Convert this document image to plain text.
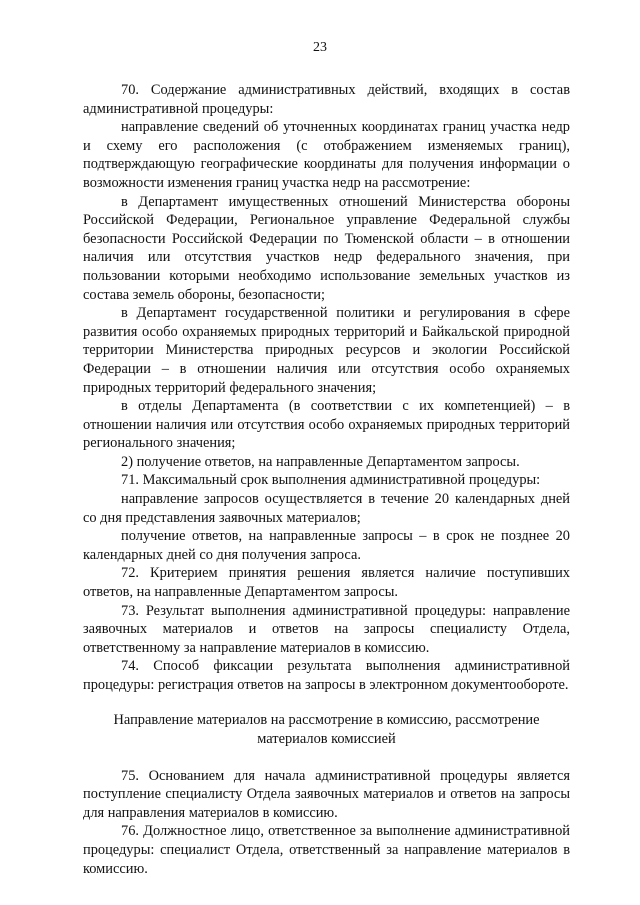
23

70. Содержание административных действий, входящих в состав административной процедуры:

направление сведений об уточненных координатах границ участка недр и схему его расположения (с отображением изменяемых границ), подтверждающую географические координаты для получения информации о возможности изменения границ участка недр на рассмотрение:

в Департамент имущественных отношений Министерства обороны Российской Федерации, Региональное управление Федеральной службы безопасности Российской Федерации по Тюменской области – в отношении наличия или отсутствия участков недр федерального значения, при пользовании которыми необходимо использование земельных участков из состава земель обороны, безопасности;

в Департамент государственной политики и регулирования в сфере развития особо охраняемых природных территорий и Байкальской природной территории Министерства природных ресурсов и экологии Российской Федерации – в отношении наличия или отсутствия особо охраняемых природных территорий федерального значения;

в отделы Департамента (в соответствии с их компетенцией) – в отношении наличия или отсутствия особо охраняемых природных территорий регионального значения;

2) получение ответов, на направленные Департаментом запросы.

71. Максимальный срок выполнения административной процедуры:

направление запросов осуществляется в течение 20 календарных дней со дня представления заявочных материалов;

получение ответов, на направленные запросы – в срок не позднее 20 календарных дней со дня получения запроса.

72. Критерием принятия решения является наличие поступивших ответов, на направленные Департаментом запросы.

73. Результат выполнения административной процедуры: направление заявочных материалов и ответов на запросы специалисту Отдела, ответственному за направление материалов в комиссию.

74. Способ фиксации результата выполнения административной процедуры: регистрация ответов на запросы в электронном документообороте.

Направление материалов на рассмотрение в комиссию, рассмотрение материалов комиссией

75. Основанием для начала административной процедуры является поступление специалисту Отдела заявочных материалов и ответов на запросы для направления материалов в комиссию.

76. Должностное лицо, ответственное за выполнение административной процедуры: специалист Отдела, ответственный за направление материалов в комиссию.
